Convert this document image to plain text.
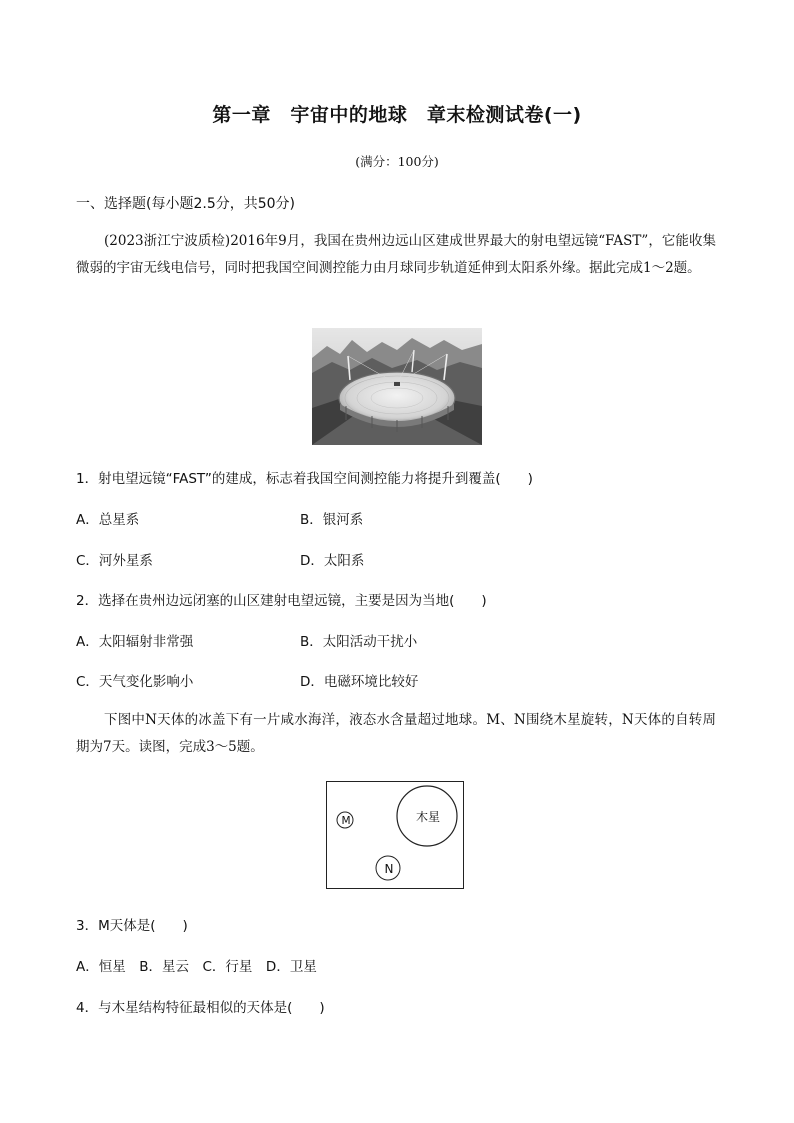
第一章　宇宙中的地球　章末检测试卷(一)
(满分：100分)
一、选择题(每小题2.5分，共50分)
(2023浙江宁波质检)2016年9月，我国在贵州边远山区建成世界最大的射电望远镜“FAST”，它能收集微弱的宇宙无线电信号，同时把我国空间测控能力由月球同步轨道延伸到太阳系外缘。据此完成1～2题。
1．射电望远镜“FAST”的建成，标志着我国空间测控能力将提升到覆盖(　　)
A．总星系	B．银河系
C．河外星系	D．太阳系
2．选择在贵州边远闭塞的山区建射电望远镜，主要是因为当地(　　)
A．太阳辐射非常强	B．太阳活动干扰小
C．天气变化影响小	D．电磁环境比较好
下图中N天体的冰盖下有一片咸水海洋，液态水含量超过地球。M、N围绕木星旋转，N天体的自转周期为7天。读图，完成3～5题。
M	木星
N
3．M天体是(　　)
A．恒星　B．星云　C．行星　D．卫星
4．与木星结构特征最相似的天体是(　　)
